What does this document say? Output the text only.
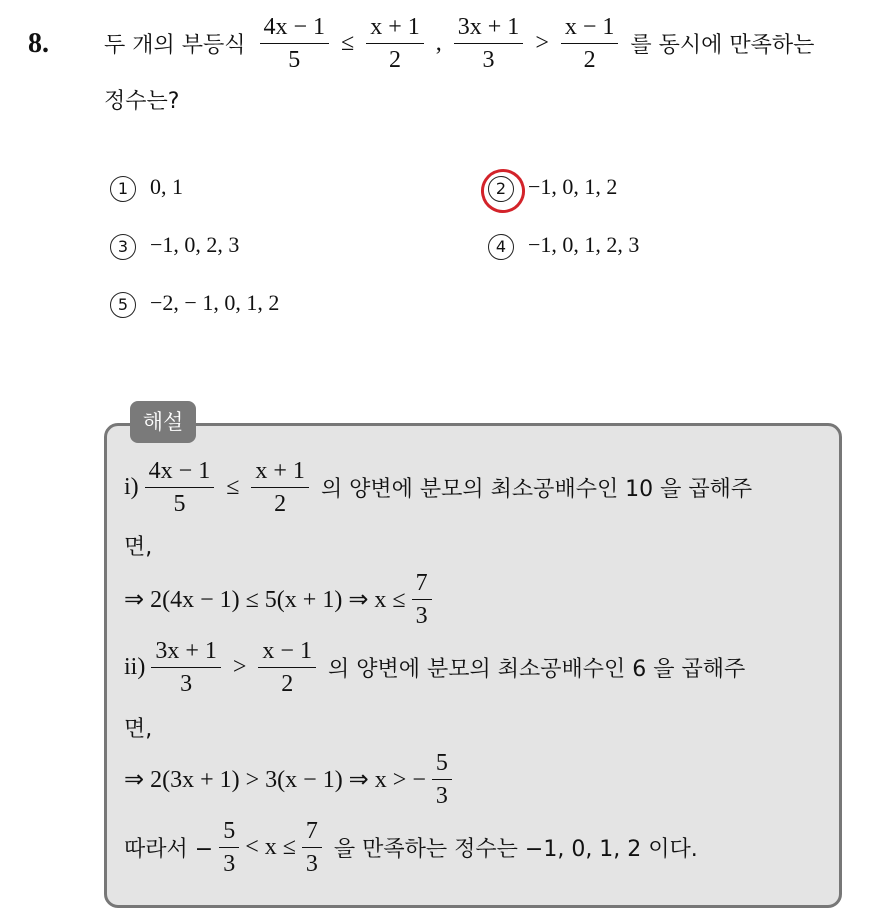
8.	두 개의 부등식 $\frac{4x - 1}{5} \le \frac{x + 1}{2}$ , $\frac{3x + 1}{3} > \frac{x - 1}{2}$ 를 동시에 만족하는
정수는?
1 0, 1	2 −1, 0, 1, 2
3 −1, 0, 2, 3	4 −1, 0, 1, 2, 3
5 −2, − 1, 0, 1, 2
해설
$i) \frac{4x - 1}{5} \le \frac{x + 1}{2}$ 의 양변에 분모의 최소공배수인 10 을 곱해주
면,
⇒ 2(4x − 1) ≤ 5(x + 1) ⇒ $x \le \frac{7}{3}$
$ii) \frac{3x + 1}{3} > \frac{x - 1}{2}$ 의 양변에 분모의 최소공배수인 6 을 곱해주
면,
⇒ 2(3x + 1) > 3(x − 1) ⇒ x > − $\frac{5}{3}$
따라서 − $\frac{5}{3} < x \le \frac{7}{3}$ 을 만족하는 정수는 −1, 0, 1, 2 이다.
